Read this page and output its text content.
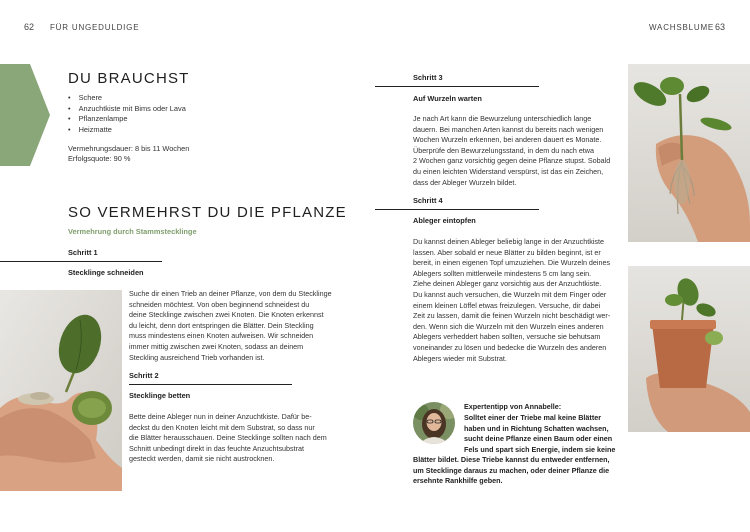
62 FÜR UNGEDULDIGE	WACHSBLUME 63
DU BRAUCHST
• Schere
• Anzuchtkiste mit Bims oder Lava
• Pflanzenlampe
• Heizmatte
Vermehrungsdauer: 8 bis 11 Wochen
Erfolgsquote: 90 %
SO VERMEHRST DU DIE PFLANZE
Vermehrung durch Stammstecklinge
Schritt 1
Stecklinge schneiden
Suche dir einen Trieb an deiner Pflanze, von dem du Stecklinge
schneiden möchtest. Von oben beginnend schneidest du
deine Stecklinge zwischen zwei Knoten. Die Knoten erkennst
du leicht, denn dort entspringen die Blätter. Dein Steckling
muss mindestens einen Knoten aufweisen. Wir schneiden
immer mittig zwischen zwei Knoten, sodass an deinem
Steckling ausreichend Trieb vorhanden ist.
Schritt 2
Stecklinge betten
Bette deine Ableger nun in deiner Anzuchtkiste. Dafür be-
deckst du den Knoten leicht mit dem Substrat, so dass nur
die Blätter herausschauen. Deine Stecklinge sollten nach dem
Schnitt unbedingt direkt in das feuchte Anzuchtsubstrat
gesteckt werden, damit sie nicht austrocknen.
Schritt 3
Auf Wurzeln warten
Je nach Art kann die Bewurzelung unterschiedlich lange
dauern. Bei manchen Arten kannst du bereits nach wenigen
Wochen Wurzeln erkennen, bei anderen dauert es Monate.
Überprüfe den Bewurzelungsstand, in dem du nach etwa
2 Wochen ganz vorsichtig gegen deine Pflanze stupst. Sobald
du einen leichten Widerstand verspürst, ist das ein Zeichen,
dass der Ableger Wurzeln bildet.
Schritt 4
Ableger eintopfen
Du kannst deinen Ableger beliebig lange in der Anzuchtkiste
lassen. Aber sobald er neue Blätter zu bilden beginnt, ist er
bereit, in einen eigenen Topf umzuziehen. Die Wurzeln deines
Ablegers sollten mittlerweile mindestens 5 cm lang sein.
Ziehe deinen Ableger ganz vorsichtig aus der Anzuchtkiste.
Du kannst auch versuchen, die Wurzeln mit dem Finger oder
einem kleinen Löffel etwas freizulegen. Versuche, dir dabei
Zeit zu lassen, damit die feinen Wurzeln nicht beschädigt wer-
den. Wenn sich die Wurzeln mit den Wurzeln eines anderen
Ablegers verheddert haben sollten, versuche sie behutsam
voneinander zu lösen und bedecke die Wurzeln des anderen
Ablegers wieder mit Substrat.
Expertentipp von Annabelle:
Solltet einer der Triebe mal keine Blätter
haben und in Richtung Schatten wachsen,
sucht deine Pflanze einen Baum oder einen
Fels und spart sich Energie, indem sie keine
Blätter bildet. Diese Triebe kannst du entweder entfernen,
um Stecklinge daraus zu machen, oder deiner Pflanze die
ersehnte Rankhilfe geben.
